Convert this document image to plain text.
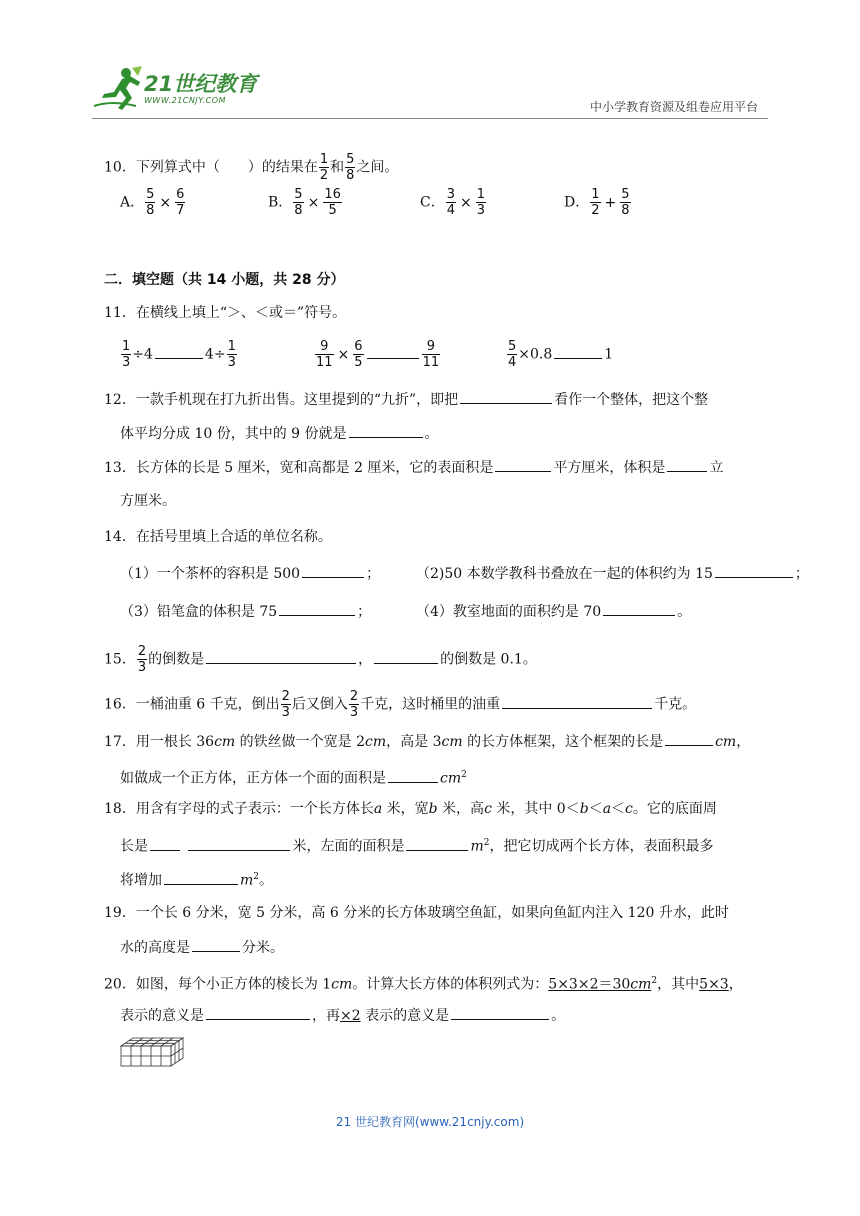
21世纪教育
WWW.21CNJY.COM	中小学教育资源及组卷应用平台
10．下列算式中（　　）的结果在 $\frac{1}{2}$ 和 $\frac{5}{8}$ 之间。
A． $\frac{5}{8} \times \frac{6}{7}$	B． $\frac{5}{8} \times \frac{16}{5}$	C． $\frac{3}{4} \times \frac{1}{3}$	D． $\frac{1}{2} + \frac{5}{8}$
二．填空题（共 14 小题，共 28 分）
11．在横线上填上“＞、＜或＝”符号。
$\frac{1}{3} \div 4$	$4\div \frac{1}{3}$	$\frac{9}{11} \times \frac{6}{5}$	$\frac{9}{11}$	$\frac{5}{4} \times 0.8$	1
12．一款手机现在打九折出售。这里提到的“九折”，即把	看作一个整体，把这个整
体平均分成 10 份，其中的 9 份就是	。
13．长方体的长是 5 厘米，宽和高都是 2 厘米，它的表面积是	平方厘米，体积是	立
方厘米。
14．在括号里填上合适的单位名称。
（1）一个茶杯的容积是 500	；	（2)50 本数学教科书叠放在一起的体积约为 15	；
（3）铅笔盒的体积是 75	；	（4）教室地面的面积约是 70	。
15． $\frac{2}{3}$ 的倒数是	，	的倒数是 0.1。
16．一桶油重 6 千克，倒出 $\frac{2}{3}$ 后又倒入 $\frac{2}{3}$ 千克，这时桶里的油重	千克。
17．用一根长 36cm 的铁丝做一个宽是 2cm，高是 3cm 的长方体框架，这个框架的长是	cm，
如做成一个正方体，正方体一个面的面积是	$cm^2$
18．用含有字母的式子表示：一个长方体长a 米，宽b 米，高c 米，其中 0＜b＜a＜c。它的底面周
长是	米，左面的面积是	$m^2$，把它切成两个长方体，表面积最多
将增加	$m^2$。
19．一个长 6 分米，宽 5 分米，高 6 分米的长方体玻璃空鱼缸，如果向鱼缸内注入 120 升水，此时
水的高度是	分米。
20．如图，每个小正方体的棱长为 1cm。计算大长方体的体积列式为：$5\times 3\times 2=30cm^2$，其中5×3，
表示的意义是	，再×2 表示的意义是	。
21 世纪教育网(www.21cnjy.com)
